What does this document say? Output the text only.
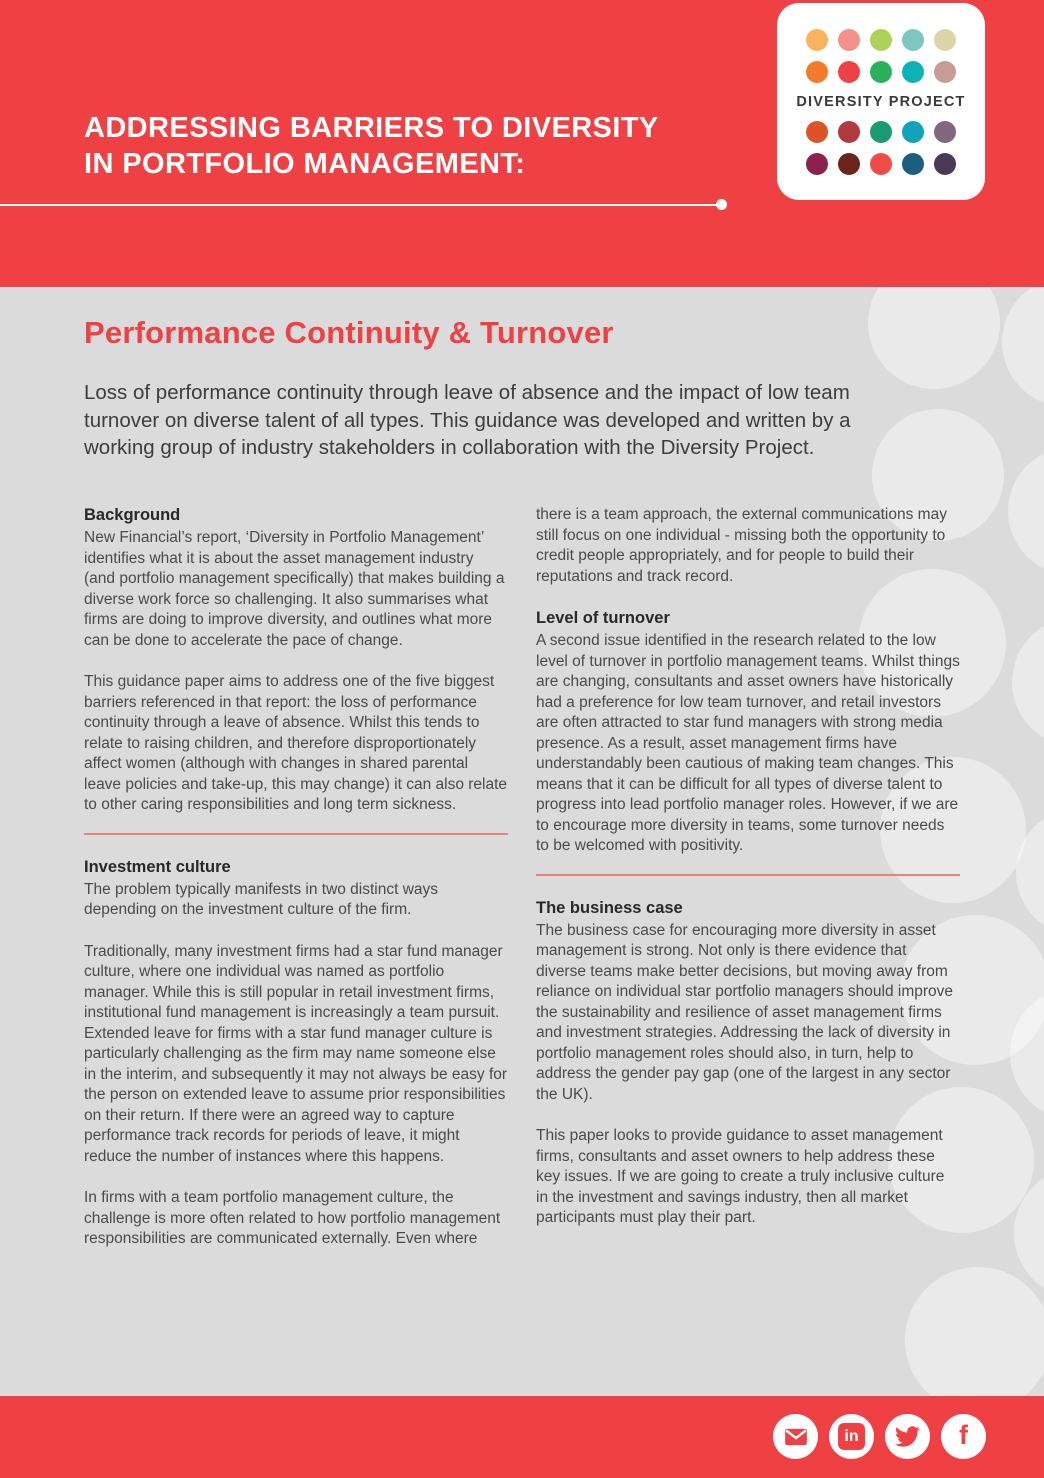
ADDRESSING BARRIERS TO DIVERSITY
IN PORTFOLIO MANAGEMENT:
DIVERSITY PROJECT
Performance Continuity & Turnover
Loss of performance continuity through leave of absence and the impact of low team turnover on diverse talent of all types. This guidance was developed and written by a working group of industry stakeholders in collaboration with the Diversity Project.
Background

New Financial’s report, ‘Diversity in Portfolio Management’ identifies what it is about the asset management industry (and portfolio management specifically) that makes building a diverse work force so challenging. It also summarises what firms are doing to improve diversity, and outlines what more can be done to accelerate the pace of change.

This guidance paper aims to address one of the five biggest barriers referenced in that report: the loss of performance continuity through a leave of absence. Whilst this tends to relate to raising children, and therefore disproportionately affect women (although with changes in shared parental leave policies and take-up, this may change) it can also relate to other caring responsibilities and long term sickness.

Investment culture

The problem typically manifests in two distinct ways depending on the investment culture of the firm.

Traditionally, many investment firms had a star fund manager culture, where one individual was named as portfolio manager. While this is still popular in retail investment firms, institutional fund management is increasingly a team pursuit. Extended leave for firms with a star fund manager culture is particularly challenging as the firm may name someone else in the interim, and subsequently it may not always be easy for the person on extended leave to assume prior responsibilities on their return. If there were an agreed way to capture performance track records for periods of leave, it might reduce the number of instances where this happens.

In firms with a team portfolio management culture, the challenge is more often related to how portfolio management responsibilities are communicated externally. Even where

there is a team approach, the external communications may still focus on one individual - missing both the opportunity to credit people appropriately, and for people to build their reputations and track record.

Level of turnover

A second issue identified in the research related to the low level of turnover in portfolio management teams. Whilst things are changing, consultants and asset owners have historically had a preference for low team turnover, and retail investors are often attracted to star fund managers with strong media presence. As a result, asset management firms have understandably been cautious of making team changes. This means that it can be difficult for all types of diverse talent to progress into lead portfolio manager roles. However, if we are to encourage more diversity in teams, some turnover needs to be welcomed with positivity.

The business case

The business case for encouraging more diversity in asset management is strong. Not only is there evidence that diverse teams make better decisions, but moving away from reliance on individual star portfolio managers should improve the sustainability and resilience of asset management firms and investment strategies. Addressing the lack of diversity in portfolio management roles should also, in turn, help to address the gender pay gap (one of the largest in any sector the UK).

This paper looks to provide guidance to asset management firms, consultants and asset owners to help address these key issues. If we are going to create a truly inclusive culture in the investment and savings industry, then all market participants must play their part.

in	f
